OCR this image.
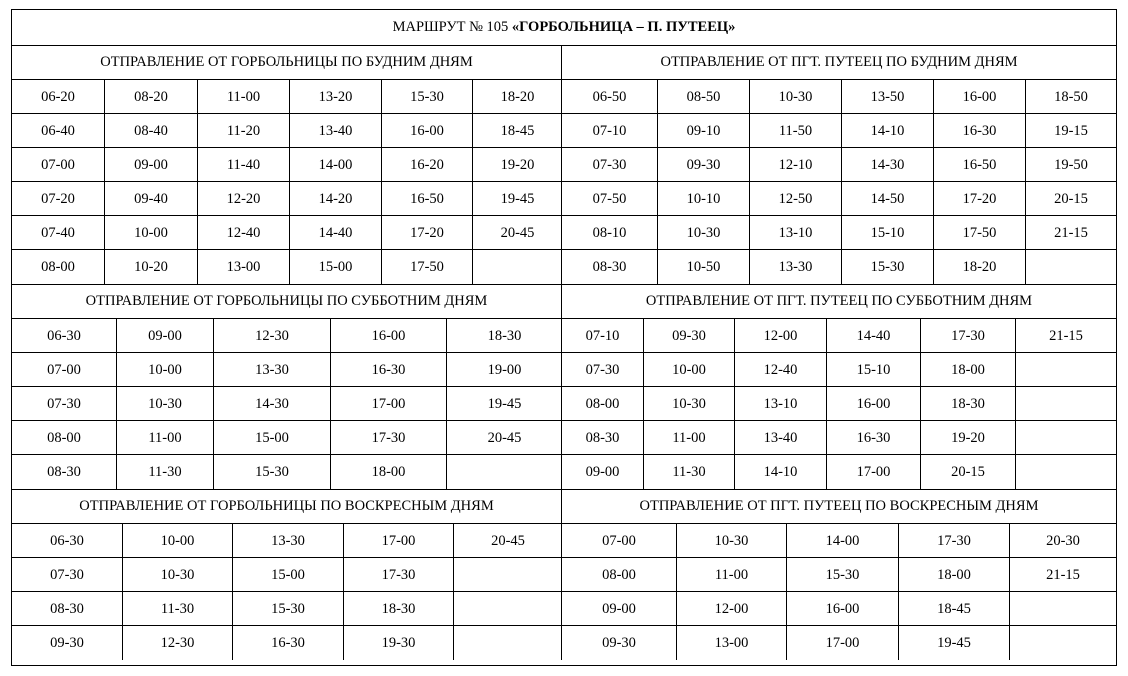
МАРШРУТ № 105 «ГОРБОЛЬНИЦА – П. ПУТЕЕЦ»
ОТПРАВЛЕНИЕ ОТ ГОРБОЛЬНИЦЫ ПО БУДНИМ ДНЯМ
06-20	08-20	11-00	13-20	15-30	18-20
06-40	08-40	11-20	13-40	16-00	18-45
07-00	09-00	11-40	14-00	16-20	19-20
07-20	09-40	12-20	14-20	16-50	19-45
07-40	10-00	12-40	14-40	17-20	20-45
08-00	10-20	13-00	15-00	17-50
ОТПРАВЛЕНИЕ ОТ ПГТ. ПУТЕЕЦ ПО БУДНИМ ДНЯМ
06-50	08-50	10-30	13-50	16-00	18-50
07-10	09-10	11-50	14-10	16-30	19-15
07-30	09-30	12-10	14-30	16-50	19-50
07-50	10-10	12-50	14-50	17-20	20-15
08-10	10-30	13-10	15-10	17-50	21-15
08-30	10-50	13-30	15-30	18-20
ОТПРАВЛЕНИЕ ОТ ГОРБОЛЬНИЦЫ ПО СУББОТНИМ ДНЯМ
06-30	09-00	12-30	16-00	18-30
07-00	10-00	13-30	16-30	19-00
07-30	10-30	14-30	17-00	19-45
08-00	11-00	15-00	17-30	20-45
08-30	11-30	15-30	18-00
ОТПРАВЛЕНИЕ ОТ ПГТ. ПУТЕЕЦ ПО СУББОТНИМ ДНЯМ
07-10	09-30	12-00	14-40	17-30	21-15
07-30	10-00	12-40	15-10	18-00
08-00	10-30	13-10	16-00	18-30
08-30	11-00	13-40	16-30	19-20
09-00	11-30	14-10	17-00	20-15
ОТПРАВЛЕНИЕ ОТ ГОРБОЛЬНИЦЫ ПО ВОСКРЕСНЫМ ДНЯМ
06-30	10-00	13-30	17-00	20-45
07-30	10-30	15-00	17-30
08-30	11-30	15-30	18-30
09-30	12-30	16-30	19-30
ОТПРАВЛЕНИЕ ОТ ПГТ. ПУТЕЕЦ ПО ВОСКРЕСНЫМ ДНЯМ
07-00	10-30	14-00	17-30	20-30
08-00	11-00	15-30	18-00	21-15
09-00	12-00	16-00	18-45
09-30	13-00	17-00	19-45
